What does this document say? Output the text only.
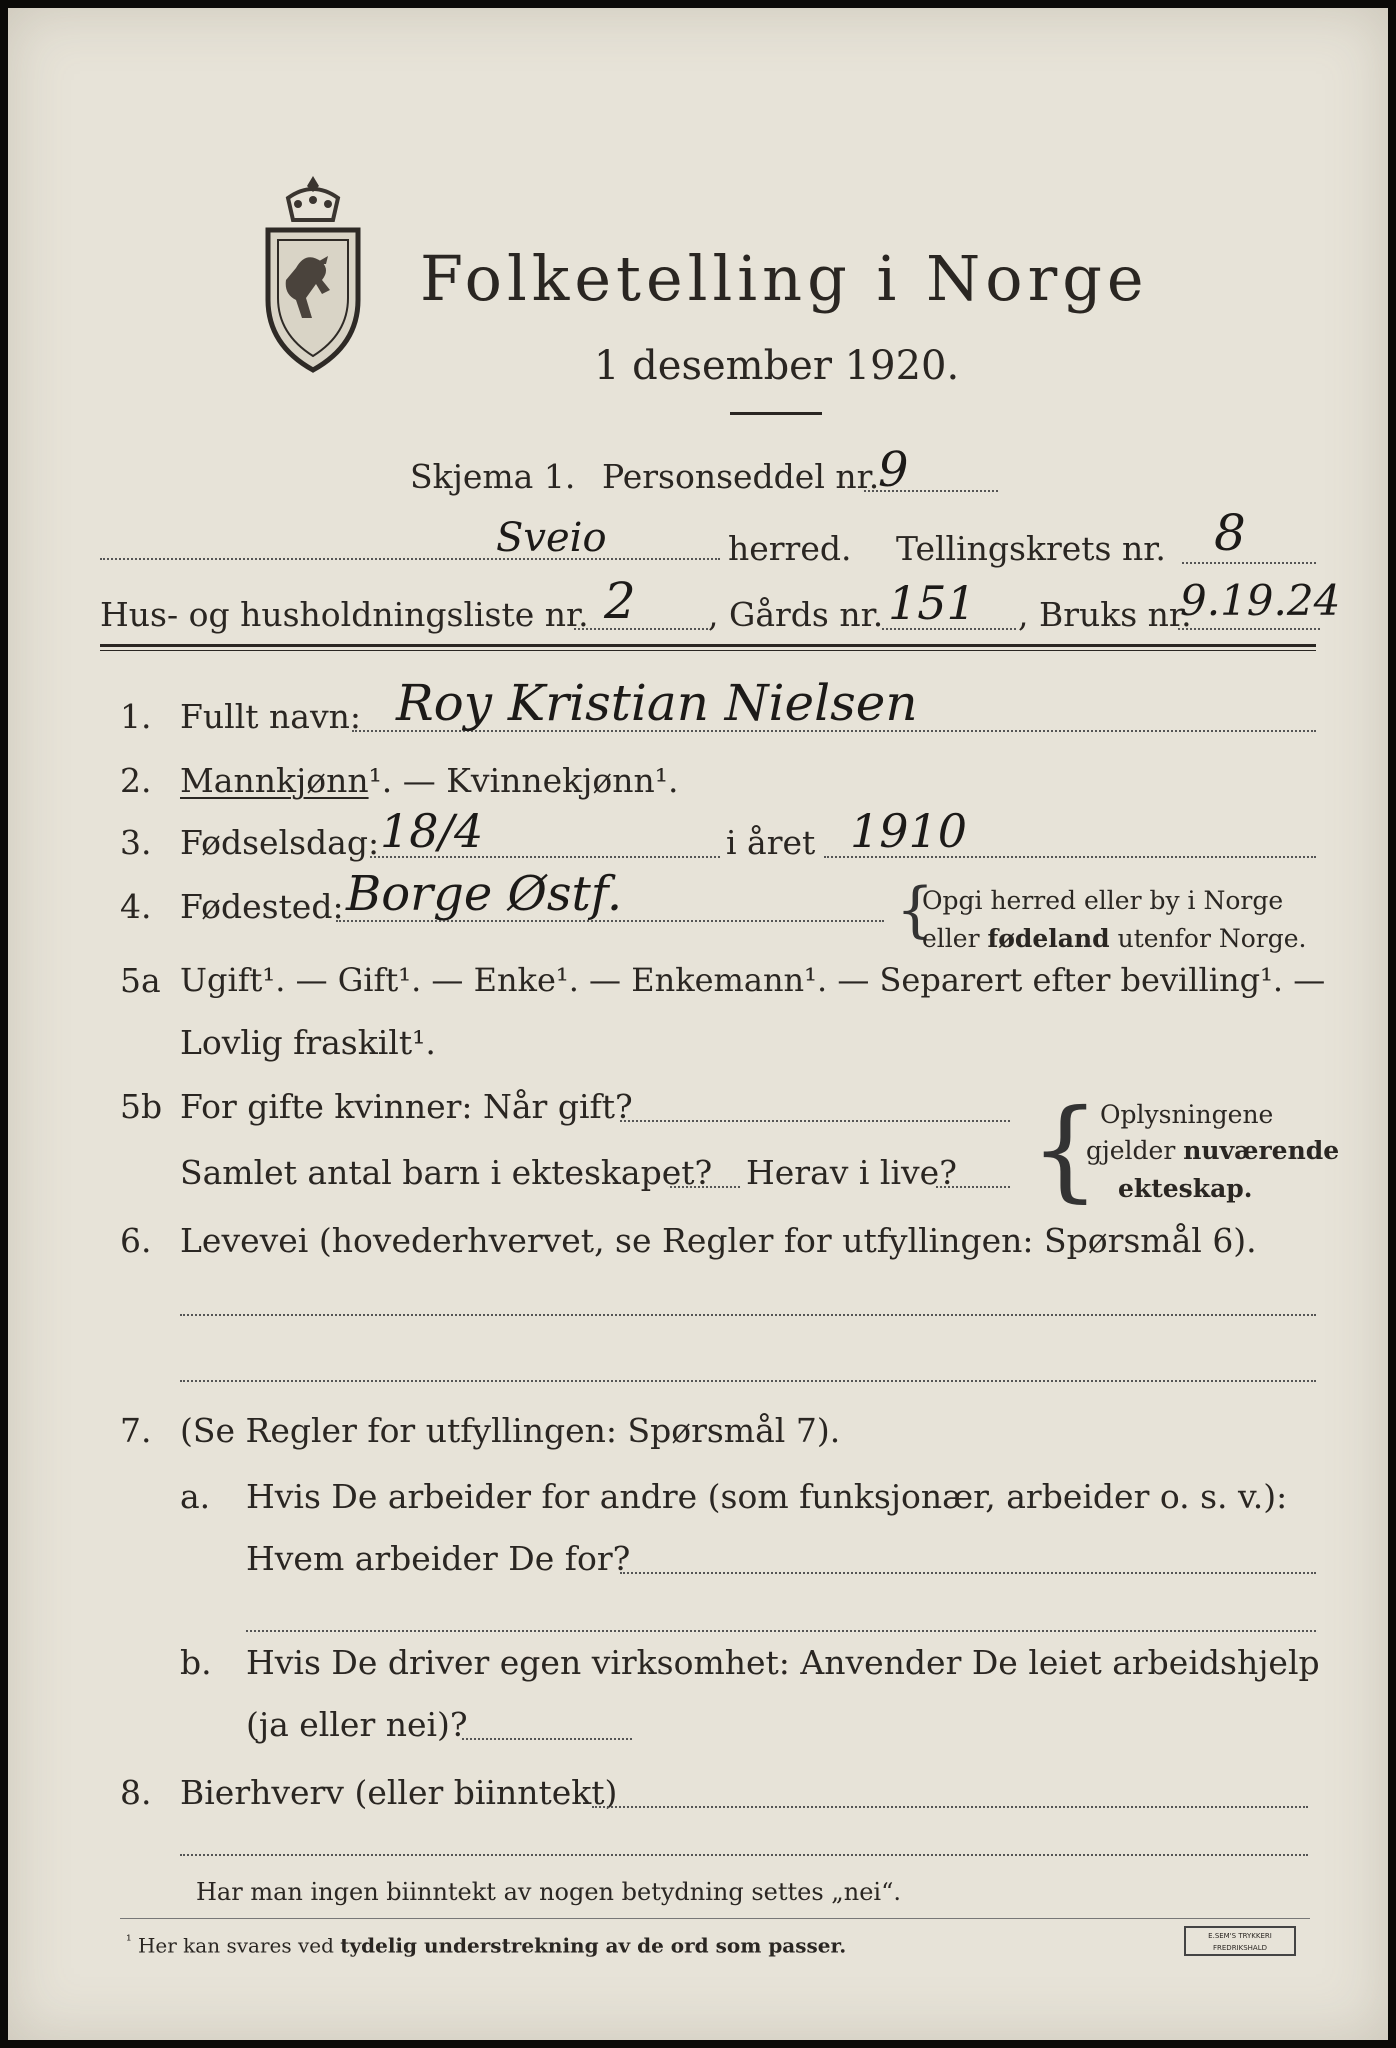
Folketelling i Norge
1 desember 1920.
Skjema 1. Personseddel nr.
9
Sveio	herred. Tellingskrets nr. 8
Hus- og husholdningsliste nr. 2 , Gårds nr. 151 , Bruks nr.
9.19.24
1. Fullt navn: Roy Kristian Nielsen
2. Mannkjønn¹. — Kvinnekjønn¹.
3. Fødselsdag: 18/4	i året 1910
4. Fødested: Borge Østf.	{
Opgi herred eller by i Norge
eller fødeland utenfor Norge.
5a Ugift¹. — Gift¹. — Enke¹. — Enkemann¹. — Separert efter bevilling¹. —
Lovlig fraskilt¹.
5b For gifte kvinner: Når gift?
Samlet antal barn i ekteskapet? Herav i live? { Oplysningene
gjelder nuværende
ekteskap.
6. Levevei (hovederhvervet, se Regler for utfyllingen: Spørsmål 6).
7. (Se Regler for utfyllingen: Spørsmål 7).
a. Hvis De arbeider for andre (som funksjonær, arbeider o. s. v.):
Hvem arbeider De for?
b. Hvis De driver egen virksomhet: Anvender De leiet arbeidshjelp
(ja eller nei)?
8. Bierhverv (eller biinntekt)
Har man ingen biinntekt av nogen betydning settes „nei“.
$^{^1}$ Her kan svares ved tydelig understrekning av de ord som passer.	E.SEM'S TRYKKERI FREDRIKSHALD
